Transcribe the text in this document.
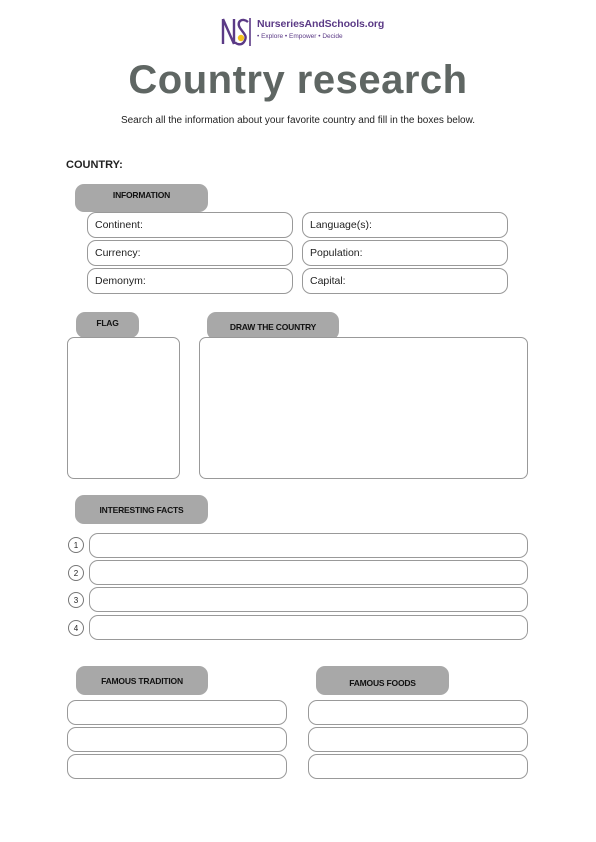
NurseriesAndSchools.org
• Explore • Empower • Decide
Country research
Search all the information about your favorite country and fill in the boxes below.
COUNTRY:
INFORMATION
Continent:
Currency:
Demonym:
Language(s):
Population:
Capital:
FLAG	DRAW THE COUNTRY
INTERESTING FACTS
1
2
3
4
FAMOUS TRADITION	FAMOUS FOODS
